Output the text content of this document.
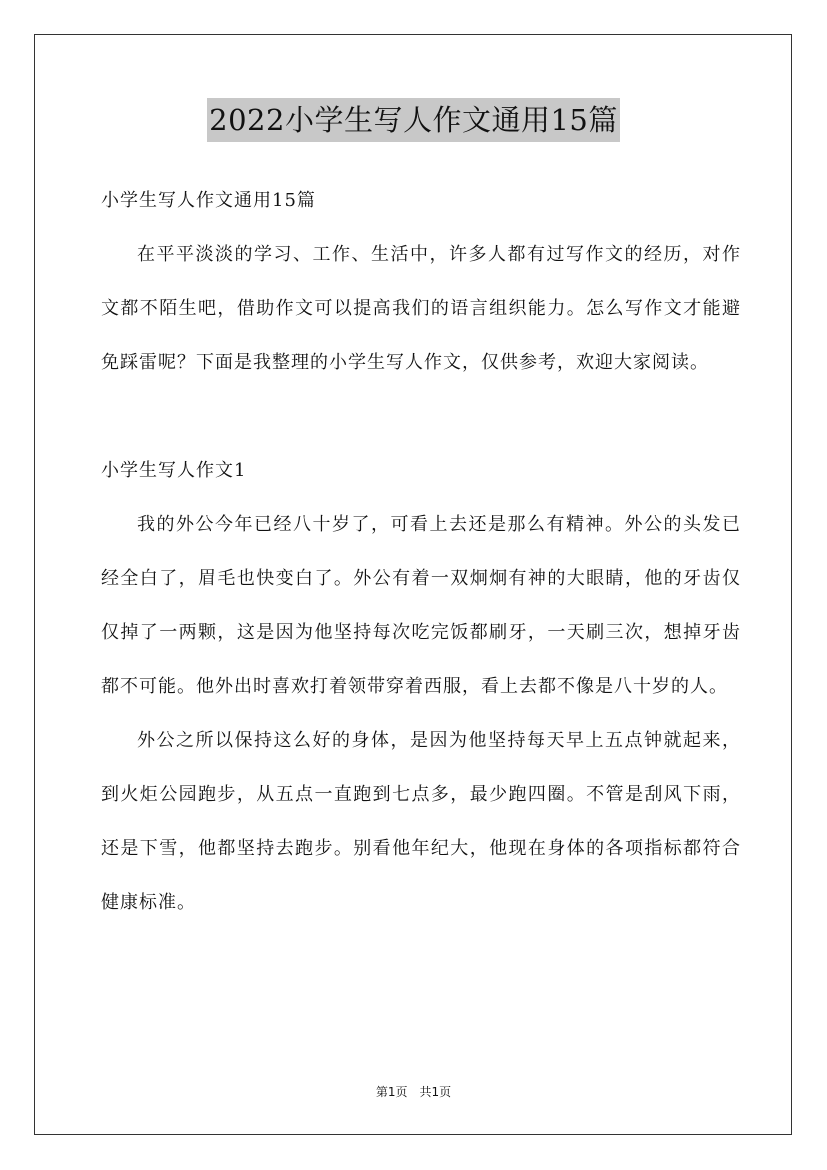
2022小学生写人作文通用15篇

小学生写人作文通用15篇

在平平淡淡的学习、工作、生活中，许多人都有过写作文的经历，对作文都不陌生吧，借助作文可以提高我们的语言组织能力。怎么写作文才能避免踩雷呢？下面是我整理的小学生写人作文，仅供参考，欢迎大家阅读。

小学生写人作文1

我的外公今年已经八十岁了，可看上去还是那么有精神。外公的头发已经全白了，眉毛也快变白了。外公有着一双炯炯有神的大眼睛，他的牙齿仅仅掉了一两颗，这是因为他坚持每次吃完饭都刷牙，一天刷三次，想掉牙齿都不可能。他外出时喜欢打着领带穿着西服，看上去都不像是八十岁的人。

外公之所以保持这么好的身体，是因为他坚持每天早上五点钟就起来，到火炬公园跑步，从五点一直跑到七点多，最少跑四圈。不管是刮风下雨，还是下雪，他都坚持去跑步。别看他年纪大，他现在身体的各项指标都符合健康标准。

第1页　共1页
